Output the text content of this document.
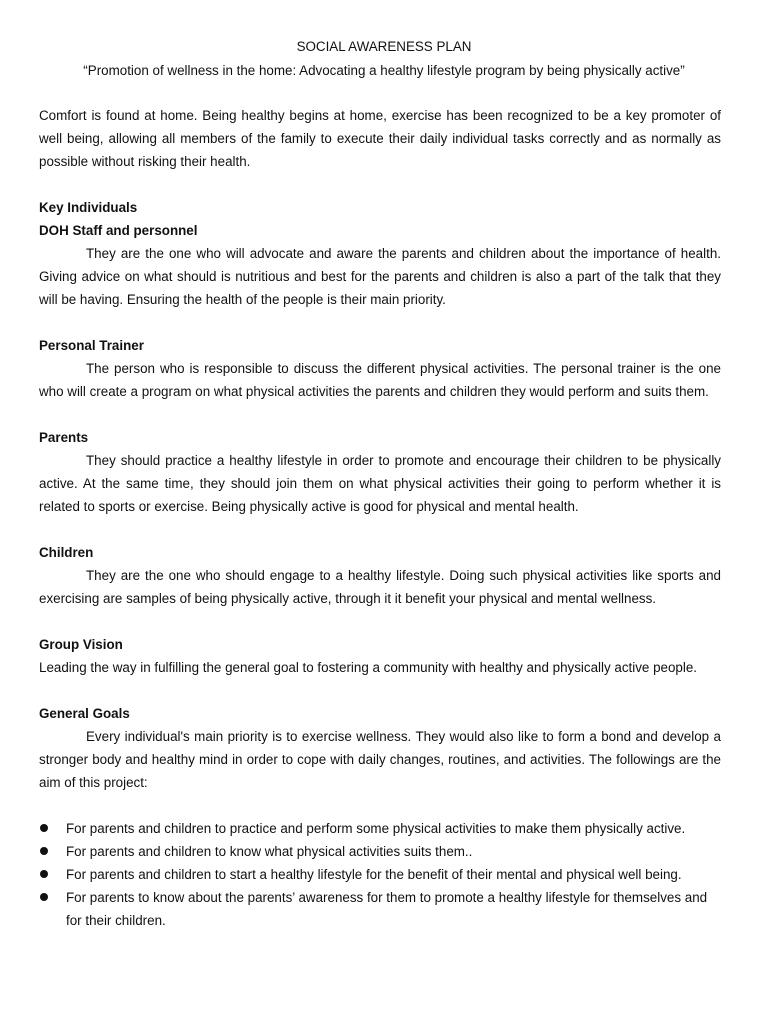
SOCIAL AWARENESS PLAN

“Promotion of wellness in the home: Advocating a healthy lifestyle program by being physically active”

Comfort is found at home. Being healthy begins at home, exercise has been recognized to be a key promoter of well being, allowing all members of the family to execute their daily individual tasks correctly and as normally as possible without risking their health.

Key Individuals
DOH Staff and personnel

They are the one who will advocate and aware the parents and children about the importance of health. Giving advice on what should is nutritious and best for the parents and children is also a part of the talk that they will be having. Ensuring the health of the people is their main priority.

Personal Trainer

The person who is responsible to discuss the different physical activities. The personal trainer is the one who will create a program on what physical activities the parents and children they would perform and suits them.

Parents

They should practice a healthy lifestyle in order to promote and encourage their children to be physically active. At the same time, they should join them on what physical activities their going to perform whether it is related to sports or exercise. Being physically active is good for physical and mental health.

Children

They are the one who should engage to a healthy lifestyle. Doing such physical activities like sports and exercising are samples of being physically active, through it it benefit your physical and mental wellness.

Group Vision

Leading the way in fulfilling the general goal to fostering a community with healthy and physically active people.

General Goals

Every individual's main priority is to exercise wellness. They would also like to form a bond and develop a stronger body and healthy mind in order to cope with daily changes, routines, and activities. The followings are the aim of this project:

For parents and children to practice and perform some physical activities to make them physically active.
For parents and children to know what physical activities suits them..
For parents and children to start a healthy lifestyle for the benefit of their mental and physical well being.
For parents to know about the parents’ awareness for them to promote a healthy lifestyle for themselves and for their children.
